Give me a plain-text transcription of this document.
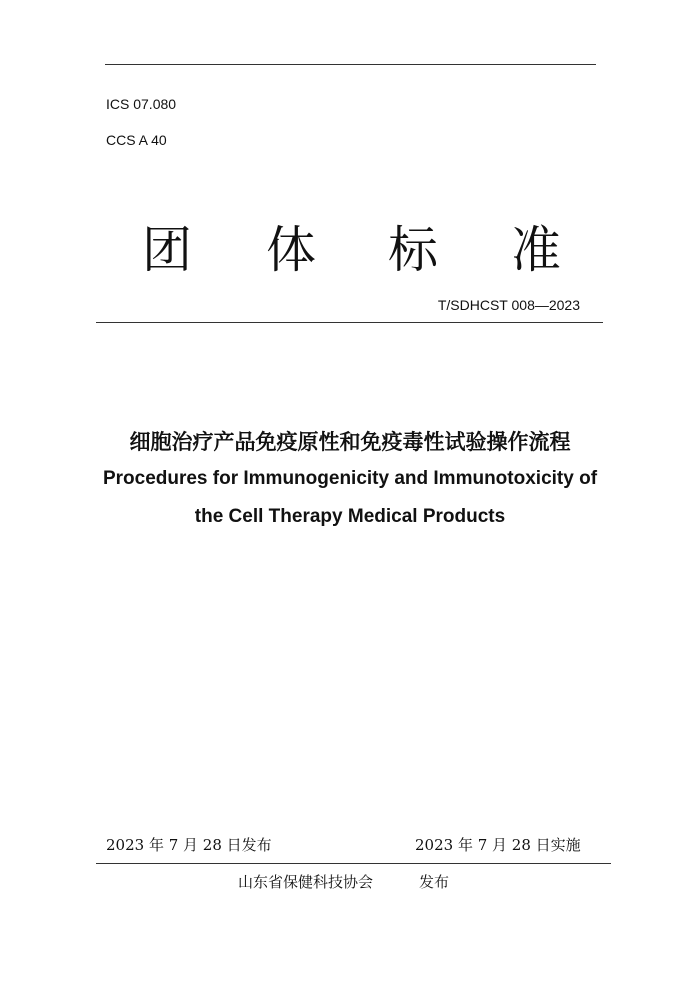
ICS 07.080
CCS A 40
团 体 标 准
T/SDHCST 008—2023
细胞治疗产品免疫原性和免疫毒性试验操作流程
Procedures for Immunogenicity and Immunotoxicity of
the Cell Therapy Medical Products
2023 年 7 月 28 日发布	2023 年 7 月 28 日实施
山东省保健科技协会	发布
